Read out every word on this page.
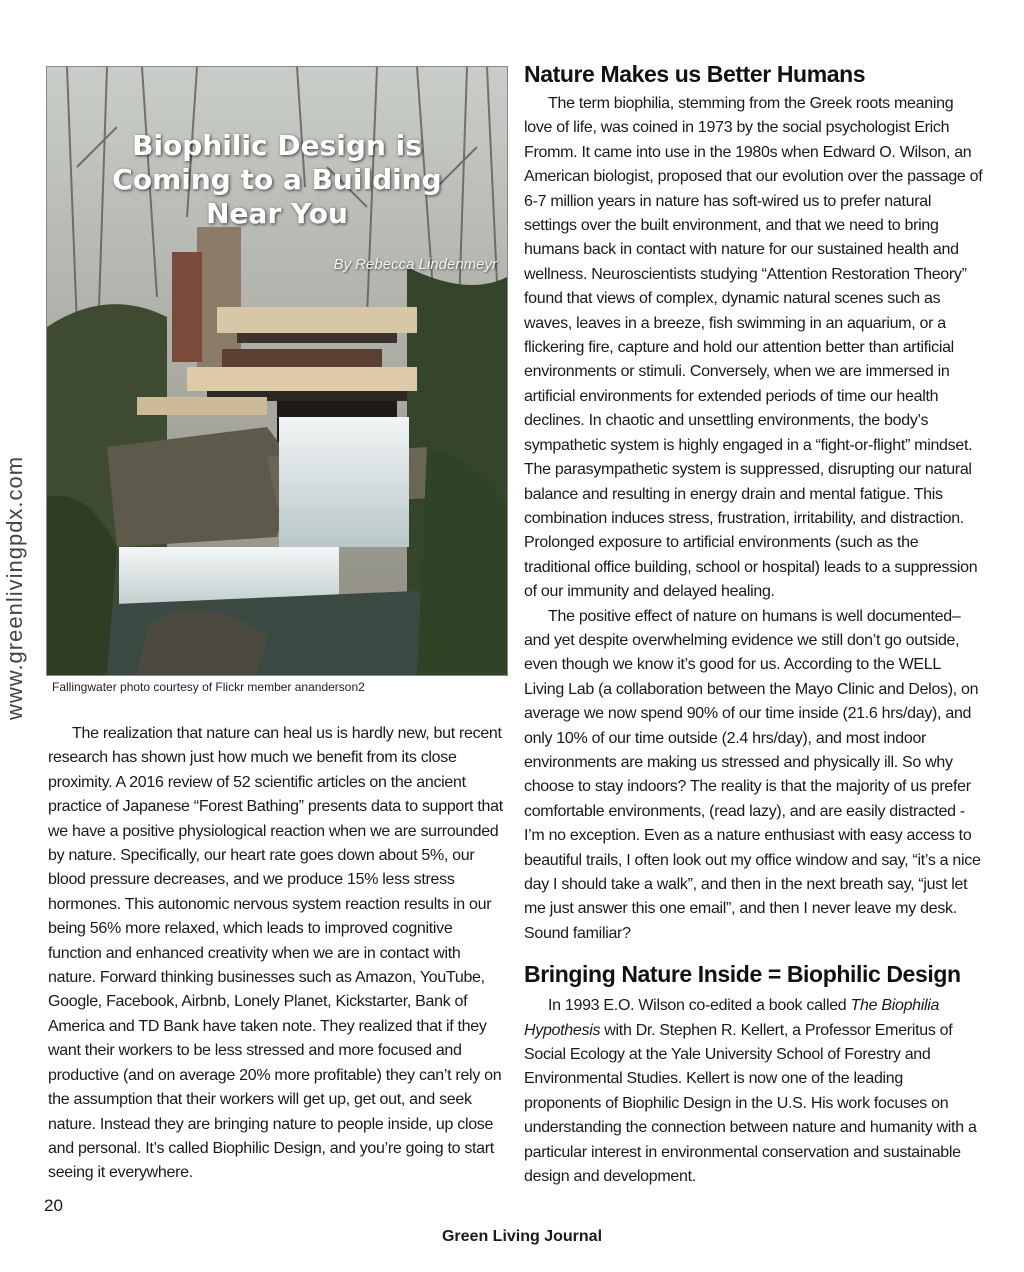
www.greenlivingpdx.com
Biophilic Design is Coming to a Building Near You
By Rebecca Lindenmeyr
Fallingwater photo courtesy of Flickr member ananderson2

The realization that nature can heal us is hardly new, but recent research has shown just how much we benefit from its close proximity. A 2016 review of 52 scientific articles on the ancient practice of Japanese “Forest Bathing” presents data to support that we have a positive physiological reaction when we are surrounded by nature. Specifically, our heart rate goes down about 5%, our blood pressure decreases, and we produce 15% less stress hormones. This autonomic nervous system reaction results in our being 56% more relaxed, which leads to improved cognitive function and enhanced creativity when we are in contact with nature. Forward thinking businesses such as Amazon, YouTube, Google, Facebook, Airbnb, Lonely Planet, Kickstarter, Bank of America and TD Bank have taken note. They realized that if they want their workers to be less stressed and more focused and productive (and on average 20% more profitable) they can’t rely on the assumption that their workers will get up, get out, and seek nature. Instead they are bringing nature to people inside, up close and personal. It’s called Biophilic Design, and you’re going to start seeing it everywhere.

Nature Makes us Better Humans

The term biophilia, stemming from the Greek roots meaning love of life, was coined in 1973 by the social psychologist Erich Fromm. It came into use in the 1980s when Edward O. Wilson, an American biologist, proposed that our evolution over the passage of 6-7 million years in nature has soft-wired us to prefer natural settings over the built environment, and that we need to bring humans back in contact with nature for our sustained health and wellness. Neuroscientists studying “Attention Restoration Theory” found that views of complex, dynamic natural scenes such as waves, leaves in a breeze, fish swimming in an aquarium, or a flickering fire, capture and hold our attention better than artificial environments or stimuli. Conversely, when we are immersed in artificial environments for extended periods of time our health declines. In chaotic and unsettling environments, the body’s sympathetic system is highly engaged in a “fight-or-flight” mindset. The parasympathetic system is suppressed, disrupting our natural balance and resulting in energy drain and mental fatigue. This combination induces stress, frustration, irritability, and distraction. Prolonged exposure to artificial environments (such as the traditional office building, school or hospital) leads to a suppression of our immunity and delayed healing.

The positive effect of nature on humans is well documented– and yet despite overwhelming evidence we still don’t go outside, even though we know it’s good for us. According to the WELL Living Lab (a collaboration between the Mayo Clinic and Delos), on average we now spend 90% of our time inside (21.6 hrs/day), and only 10% of our time outside (2.4 hrs/day), and most indoor environments are making us stressed and physically ill. So why choose to stay indoors? The reality is that the majority of us prefer comfortable environments, (read lazy), and are easily distracted - I’m no exception. Even as a nature enthusiast with easy access to beautiful trails, I often look out my office window and say, “it’s a nice day I should take a walk”, and then in the next breath say, “just let me just answer this one email”, and then I never leave my desk. Sound familiar?

Bringing Nature Inside = Biophilic Design

In 1993 E.O. Wilson co-edited a book called The Biophilia Hypothesis with Dr. Stephen R. Kellert, a Professor Emeritus of Social Ecology at the Yale University School of Forestry and Environmental Studies. Kellert is now one of the leading proponents of Biophilic Design in the U.S. His work focuses on understanding the connection between nature and humanity with a particular interest in environmental conservation and sustainable design and development.

20
Green Living Journal
